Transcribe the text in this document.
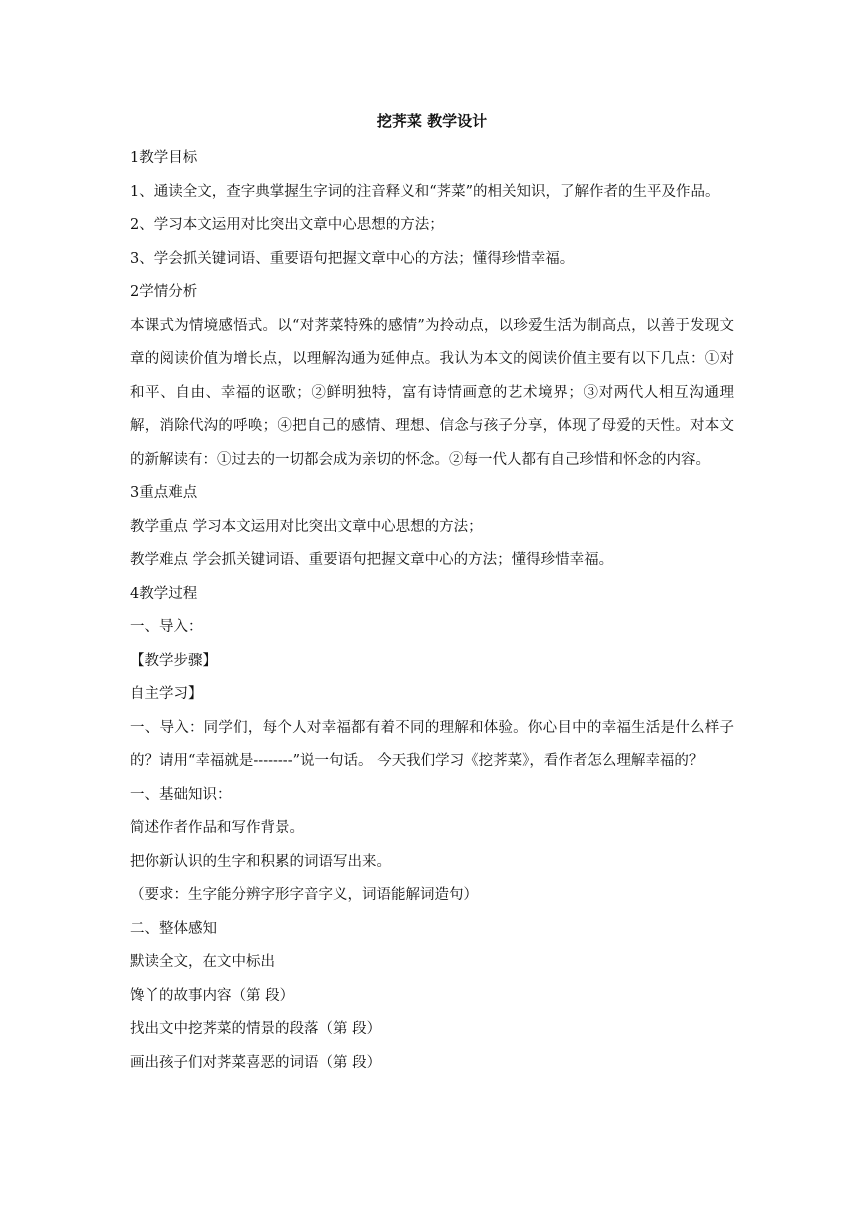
挖荠菜 教学设计

1教学目标

1、通读全文，查字典掌握生字词的注音释义和“荠菜”的相关知识，了解作者的生平及作品。

2、学习本文运用对比突出文章中心思想的方法；

3、学会抓关键词语、重要语句把握文章中心的方法；懂得珍惜幸福。

2学情分析

本课式为情境感悟式。以“对荠菜特殊的感情”为拎动点，以珍爱生活为制高点，以善于发现文章的阅读价值为增长点，以理解沟通为延伸点。我认为本文的阅读价值主要有以下几点：①对和平、自由、幸福的讴歌；②鲜明独特，富有诗情画意的艺术境界；③对两代人相互沟通理解，消除代沟的呼唤；④把自己的感情、理想、信念与孩子分享，体现了母爱的天性。对本文的新解读有：①过去的一切都会成为亲切的怀念。②每一代人都有自己珍惜和怀念的内容。

3重点难点

教学重点 学习本文运用对比突出文章中心思想的方法；

教学难点 学会抓关键词语、重要语句把握文章中心的方法；懂得珍惜幸福。

4教学过程

一、导入：

【教学步骤】

自主学习】

一、导入：同学们，每个人对幸福都有着不同的理解和体验。你心目中的幸福生活是什么样子的？请用“幸福就是--------”说一句话。 今天我们学习《挖荠菜》，看作者怎么理解幸福的？

一、基础知识：

简述作者作品和写作背景。

把你新认识的生字和积累的词语写出来。

（要求：生字能分辨字形字音字义，词语能解词造句）

二、整体感知

默读全文，在文中标出

馋丫的故事内容（第 段）

找出文中挖荠菜的情景的段落（第 段）

画出孩子们对荠菜喜恶的词语（第 段）
